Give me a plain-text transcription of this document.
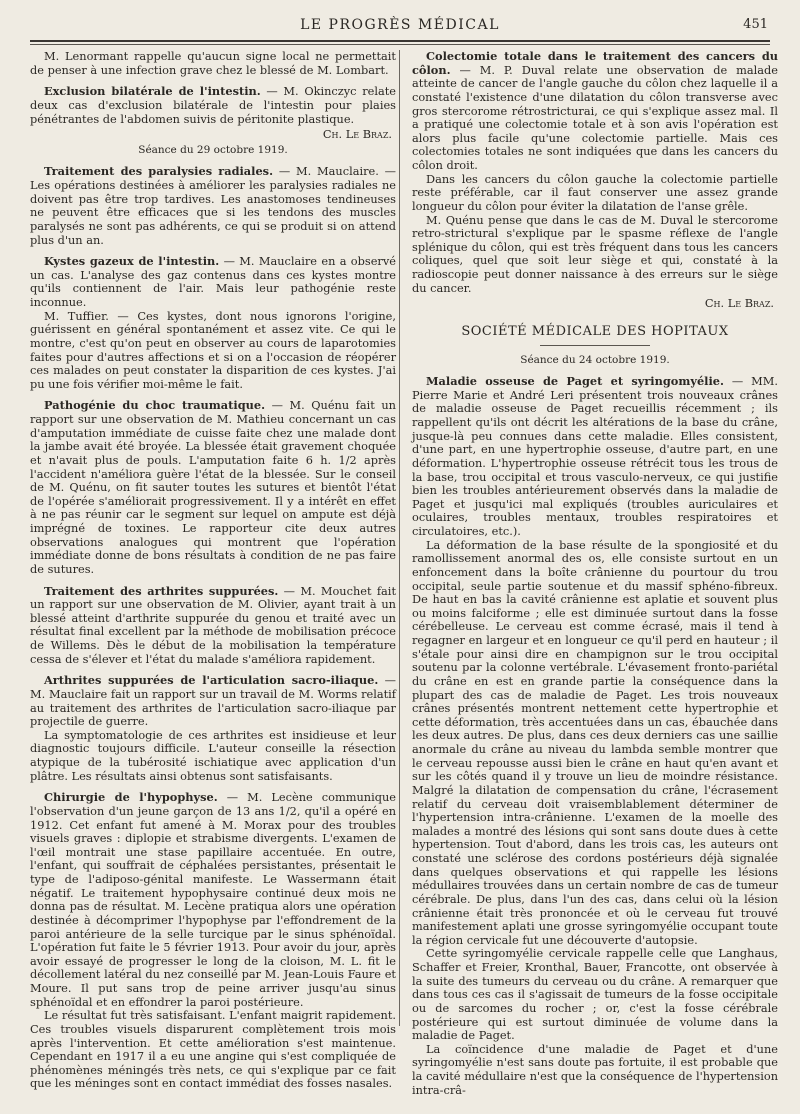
LE PROGRÈS MÉDICAL	451

M. Lenormant rappelle qu'aucun signe local ne permettait de penser à une infection grave chez le blessé de M. Lombart.

Exclusion bilatérale de l'intestin. — M. Okinczyc relate deux cas d'exclusion bilatérale de l'intestin pour plaies pénétrantes de l'abdomen suivis de péritonite plastique.

Ch. Le Braz.

Séance du 29 octobre 1919.

Traitement des paralysies radiales. — M. Mauclaire. — Les opérations destinées à améliorer les paralysies radiales ne doivent pas être trop tardives. Les anastomoses tendineuses ne peuvent être efficaces que si les tendons des muscles paralysés ne sont pas adhérents, ce qui se produit si on attend plus d'un an.

Kystes gazeux de l'intestin. — M. Mauclaire en a observé un cas. L'analyse des gaz contenus dans ces kystes montre qu'ils contiennent de l'air. Mais leur pathogénie reste inconnue.

M. Tuffier. — Ces kystes, dont nous ignorons l'origine, guérissent en général spontanément et assez vite. Ce qui le montre, c'est qu'on peut en observer au cours de laparotomies faites pour d'autres affections et si on a l'occasion de réopérer ces malades on peut constater la disparition de ces kystes. J'ai pu une fois vérifier moi-même le fait.

Pathogénie du choc traumatique. — M. Quénu fait un rapport sur une observation de M. Mathieu concernant un cas d'amputation immédiate de cuisse faite chez une malade dont la jambe avait été broyée. La blessée était gravement choquée et n'avait plus de pouls. L'amputation faite 6 h. 1/2 après l'accident n'améliora guère l'état de la blessée. Sur le conseil de M. Quénu, on fit sauter toutes les sutures et bientôt l'état de l'opérée s'améliorait progressivement. Il y a intérêt en effet à ne pas réunir car le segment sur lequel on ampute est déjà imprégné de toxines. Le rapporteur cite deux autres observations analogues qui montrent que l'opération immédiate donne de bons résultats à condition de ne pas faire de sutures.

Traitement des arthrites suppurées. — M. Mouchet fait un rapport sur une observation de M. Olivier, ayant trait à un blessé atteint d'arthrite suppurée du genou et traité avec un résultat final excellent par la méthode de mobilisation précoce de Willems. Dès le début de la mobilisation la température cessa de s'élever et l'état du malade s'améliora rapidement.

Arthrites suppurées de l'articulation sacro-iliaque. — M. Mauclaire fait un rapport sur un travail de M. Worms relatif au traitement des arthrites de l'articulation sacro-iliaque par projectile de guerre.

La symptomatologie de ces arthrites est insidieuse et leur diagnostic toujours difficile. L'auteur conseille la résection atypique de la tubérosité ischiatique avec application d'un plâtre. Les résultats ainsi obtenus sont satisfaisants.

Chirurgie de l'hypophyse. — M. Lecène communique l'observation d'un jeune garçon de 13 ans 1/2, qu'il a opéré en 1912. Cet enfant fut amené à M. Morax pour des troubles visuels graves : diplopie et strabisme divergents. L'examen de l'œil montrait une stase papillaire accentuée. En outre, l'enfant, qui souffrait de céphalées persistantes, présentait le type de l'adiposo-génital manifeste. Le Wassermann était négatif. Le traitement hypophysaire continué deux mois ne donna pas de résultat. M. Lecène pratiqua alors une opération destinée à décomprimer l'hypophyse par l'effondrement de la paroi antérieure de la selle turcique par le sinus sphénoïdal. L'opération fut faite le 5 février 1913. Pour avoir du jour, après avoir essayé de progresser le long de la cloison, M. L. fit le décollement latéral du nez conseillé par M. Jean-Louis Faure et Moure. Il put sans trop de peine arriver jusqu'au sinus sphénoïdal et en effondrer la paroi postérieure.

Le résultat fut très satisfaisant. L'enfant maigrit rapidement. Ces troubles visuels disparurent complètement trois mois après l'intervention. Et cette amélioration s'est maintenue. Cependant en 1917 il a eu une angine qui s'est compliquée de phénomènes méningés très nets, ce qui s'explique par ce fait que les méninges sont en contact immédiat des fosses nasales.

Colectomie totale dans le traitement des cancers du côlon. — M. P. Duval relate une observation de malade atteinte de cancer de l'angle gauche du côlon chez laquelle il a constaté l'existence d'une dilatation du côlon transverse avec gros stercorome rétrostricturai, ce qui s'explique assez mal. Il a pratiqué une colectomie totale et à son avis l'opération est alors plus facile qu'une colectomie partielle. Mais ces colectomies totales ne sont indiquées que dans les cancers du côlon droit.

Dans les cancers du côlon gauche la colectomie partielle reste préférable, car il faut conserver une assez grande longueur du côlon pour éviter la dilatation de l'anse grêle.

M. Quénu pense que dans le cas de M. Duval le stercorome retro-strictural s'explique par le spasme réflexe de l'angle splénique du côlon, qui est très fréquent dans tous les cancers coliques, quel que soit leur siège et qui, constaté à la radioscopie peut donner naissance à des erreurs sur le siège du cancer.

Ch. Le Braz.

SOCIÉTÉ MÉDICALE DES HOPITAUX

Séance du 24 octobre 1919.

Maladie osseuse de Paget et syringomyélie. — MM. Pierre Marie et André Leri présentent trois nouveaux crânes de maladie osseuse de Paget recueillis récemment ; ils rappellent qu'ils ont décrit les altérations de la base du crâne, jusque-là peu connues dans cette maladie. Elles consistent, d'une part, en une hypertrophie osseuse, d'autre part, en une déformation. L'hypertrophie osseuse rétrécit tous les trous de la base, trou occipital et trous vasculo-nerveux, ce qui justifie bien les troubles antérieurement observés dans la maladie de Paget et jusqu'ici mal expliqués (troubles auriculaires et oculaires, troubles mentaux, troubles respiratoires et circulatoires, etc.).

La déformation de la base résulte de la spongiosité et du ramollissement anormal des os, elle consiste surtout en un enfoncement dans la boîte crânienne du pourtour du trou occipital, seule partie soutenue et du massif sphéno-fibreux. De haut en bas la cavité crânienne est aplatie et souvent plus ou moins falciforme ; elle est diminuée surtout dans la fosse cérébelleuse. Le cerveau est comme écrasé, mais il tend à regagner en largeur et en longueur ce qu'il perd en hauteur ; il s'étale pour ainsi dire en champignon sur le trou occipital soutenu par la colonne vertébrale. L'évasement fronto-pariétal du crâne en est en grande partie la conséquence dans la plupart des cas de maladie de Paget. Les trois nouveaux crânes présentés montrent nettement cette hypertrophie et cette déformation, très accentuées dans un cas, ébauchée dans les deux autres. De plus, dans ces deux derniers cas une saillie anormale du crâne au niveau du lambda semble montrer que le cerveau repousse aussi bien le crâne en haut qu'en avant et sur les côtés quand il y trouve un lieu de moindre résistance. Malgré la dilatation de compensation du crâne, l'écrasement relatif du cerveau doit vraisemblablement déterminer de l'hypertension intra-crânienne. L'examen de la moelle des malades a montré des lésions qui sont sans doute dues à cette hypertension. Tout d'abord, dans les trois cas, les auteurs ont constaté une sclérose des cordons postérieurs déjà signalée dans quelques observations et qui rappelle les lésions médullaires trouvées dans un certain nombre de cas de tumeur cérébrale. De plus, dans l'un des cas, dans celui où la lésion crânienne était très prononcée et où le cerveau fut trouvé manifestement aplati une grosse syringomyélie occupant toute la région cervicale fut une découverte d'autopsie.

Cette syringomyélie cervicale rappelle celle que Langhaus, Schaffer et Freier, Kronthal, Bauer, Francotte, ont observée à la suite des tumeurs du cerveau ou du crâne. A remarquer que dans tous ces cas il s'agissait de tumeurs de la fosse occipitale ou de sarcomes du rocher ; or, c'est la fosse cérébrale postérieure qui est surtout diminuée de volume dans la maladie de Paget.

La coïncidence d'une maladie de Paget et d'une syringomyélie n'est sans doute pas fortuite, il est probable que la cavité médullaire n'est que la conséquence de l'hypertension intra-crâ-
